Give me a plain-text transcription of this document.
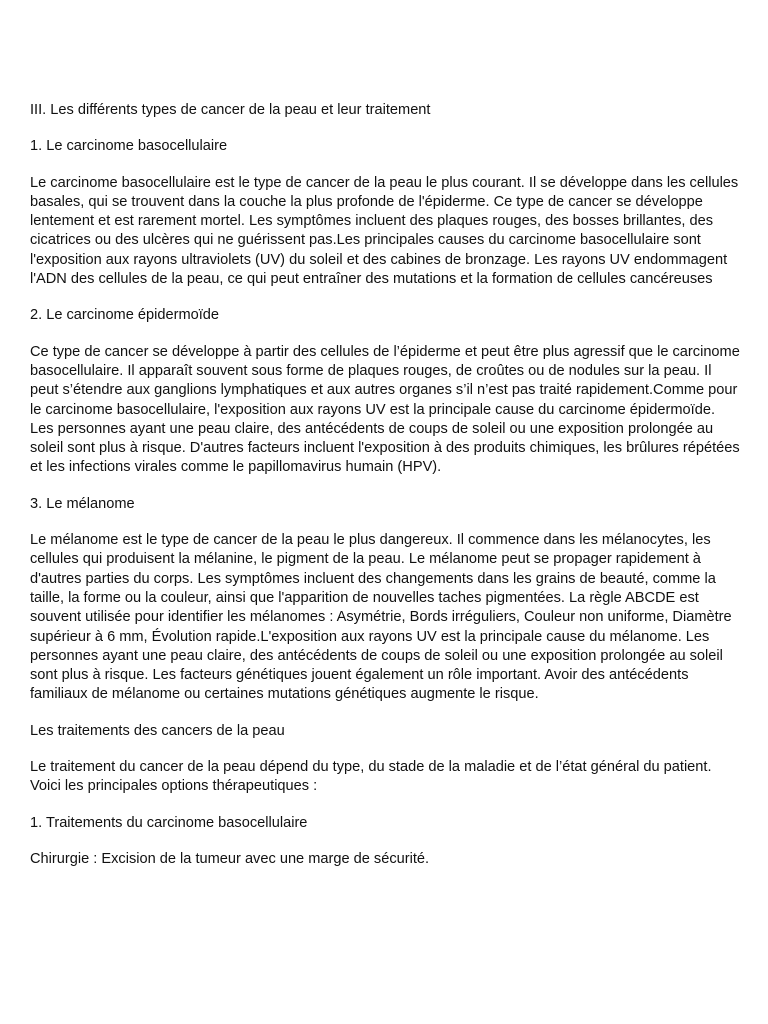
III. Les différents types de cancer de la peau et leur traitement

1. Le carcinome basocellulaire

Le carcinome basocellulaire est le type de cancer de la peau le plus courant. Il se développe dans les cellules basales, qui se trouvent dans la couche la plus profonde de l'épiderme. Ce type de cancer se développe lentement et est rarement mortel. Les symptômes incluent des plaques rouges, des bosses brillantes, des cicatrices ou des ulcères qui ne guérissent pas.Les principales causes du carcinome basocellulaire sont l'exposition aux rayons ultraviolets (UV) du soleil et des cabines de bronzage. Les rayons UV endommagent l'ADN des cellules de la peau, ce qui peut entraîner des mutations et la formation de cellules cancéreuses

2. Le carcinome épidermoïde

Ce type de cancer se développe à partir des cellules de l’épiderme et peut être plus agressif que le carcinome basocellulaire. Il apparaît souvent sous forme de plaques rouges, de croûtes ou de nodules sur la peau. Il peut s’étendre aux ganglions lymphatiques et aux autres organes s’il n’est pas traité rapidement.Comme pour le carcinome basocellulaire, l'exposition aux rayons UV est la principale cause du carcinome épidermoïde. Les personnes ayant une peau claire, des antécédents de coups de soleil ou une exposition prolongée au soleil sont plus à risque. D'autres facteurs incluent l'exposition à des produits chimiques, les brûlures répétées et les infections virales comme le papillomavirus humain (HPV).

3. Le mélanome

Le mélanome est le type de cancer de la peau le plus dangereux. Il commence dans les mélanocytes, les cellules qui produisent la mélanine, le pigment de la peau. Le mélanome peut se propager rapidement à d'autres parties du corps. Les symptômes incluent des changements dans les grains de beauté, comme la taille, la forme ou la couleur, ainsi que l'apparition de nouvelles taches pigmentées. La règle ABCDE est souvent utilisée pour identifier les mélanomes : Asymétrie, Bords irréguliers, Couleur non uniforme, Diamètre supérieur à 6 mm, Évolution rapide.L'exposition aux rayons UV est la principale cause du mélanome. Les personnes ayant une peau claire, des antécédents de coups de soleil ou une exposition prolongée au soleil sont plus à risque. Les facteurs génétiques jouent également un rôle important. Avoir des antécédents familiaux de mélanome ou certaines mutations génétiques augmente le risque.

Les traitements des cancers de la peau

Le traitement du cancer de la peau dépend du type, du stade de la maladie et de l’état général du patient. Voici les principales options thérapeutiques :

1. Traitements du carcinome basocellulaire

Chirurgie : Excision de la tumeur avec une marge de sécurité.
